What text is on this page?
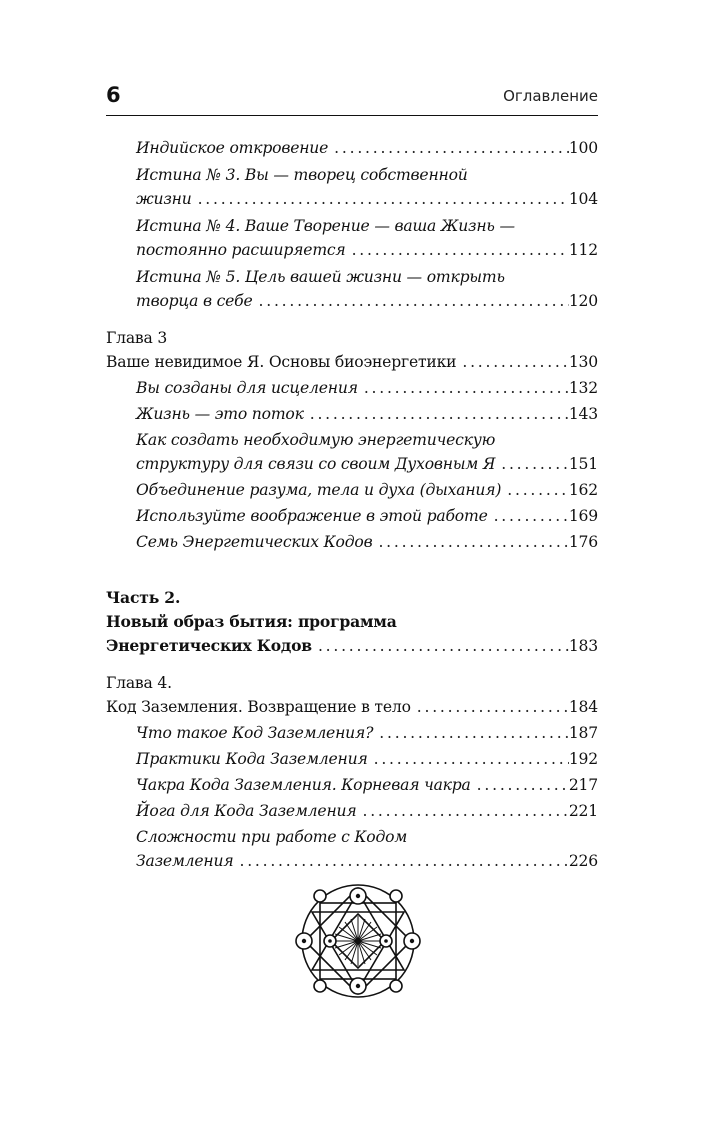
6	Оглавление
Индийское откровение . . .	100
Истина № 3. Вы — творец собственной
жизни . . .	104
Истина № 4. Ваше Творение — ваша Жизнь —
постоянно расширяется . . .	112
Истина № 5. Цель вашей жизни — открыть
творца в себе . . .	120
Глава 3
Ваше невидимое Я. Основы биоэнергетики . . .	130
Вы созданы для исцеления . . .	132
Жизнь — это поток . . .	143
Как создать необходимую энергетическую
структуру для связи со своим Духовным Я . . .	151
Объединение разума, тела и духа (дыхания) . . .	162
Используйте воображение в этой работе . . .	169
Семь Энергетических Кодов . . .	176
Часть 2.
Новый образ бытия: программа
Энергетических Кодов . . .	183
Глава 4.
Код Заземления. Возвращение в тело . . .	184
Что такое Код Заземления? . . .	187
Практики Кода Заземления . . .	192
Чакра Кода Заземления. Корневая чакра . . .	217
Йога для Кода Заземления . . .	221
Сложности при работе с Кодом
Заземления . . .	226
